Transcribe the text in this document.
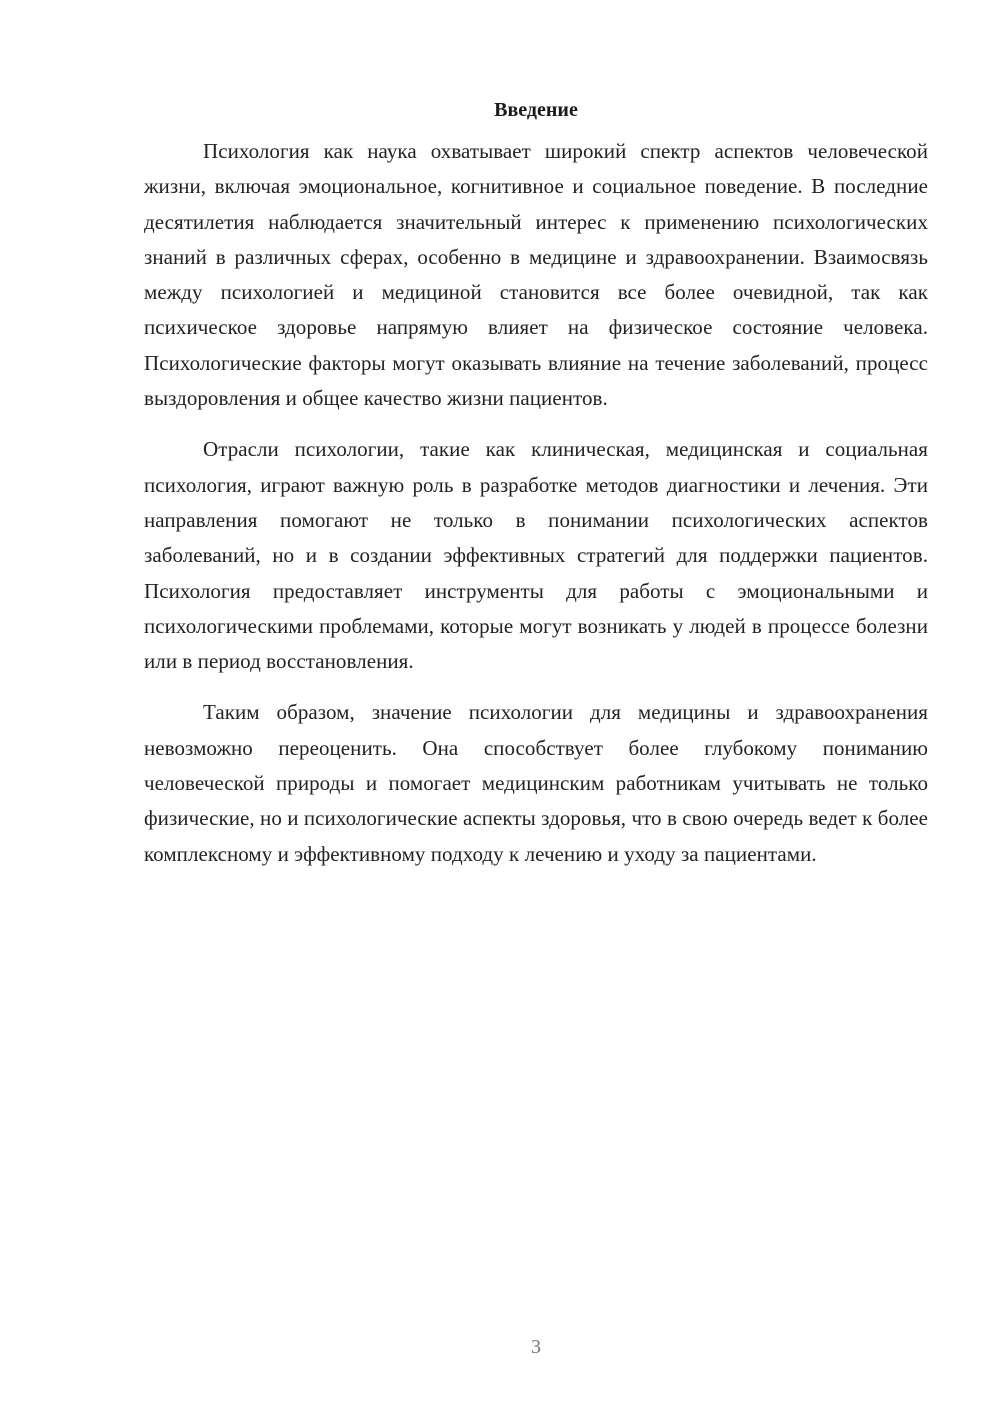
Введение

Психология как наука охватывает широкий спектр аспектов человеческой жизни, включая эмоциональное, когнитивное и социальное поведение. В последние десятилетия наблюдается значительный интерес к применению психологических знаний в различных сферах, особенно в медицине и здравоохранении. Взаимосвязь между психологией и медициной становится все более очевидной, так как психическое здоровье напрямую влияет на физическое состояние человека. Психологические факторы могут оказывать влияние на течение заболеваний, процесс выздоровления и общее качество жизни пациентов.

Отрасли психологии, такие как клиническая, медицинская и социальная психология, играют важную роль в разработке методов диагностики и лечения. Эти направления помогают не только в понимании психологических аспектов заболеваний, но и в создании эффективных стратегий для поддержки пациентов. Психология предоставляет инструменты для работы с эмоциональными и психологическими проблемами, которые могут возникать у людей в процессе болезни или в период восстановления.

Таким образом, значение психологии для медицины и здравоохранения невозможно переоценить. Она способствует более глубокому пониманию человеческой природы и помогает медицинским работникам учитывать не только физические, но и психологические аспекты здоровья, что в свою очередь ведет к более комплексному и эффективному подходу к лечению и уходу за пациентами.

3
